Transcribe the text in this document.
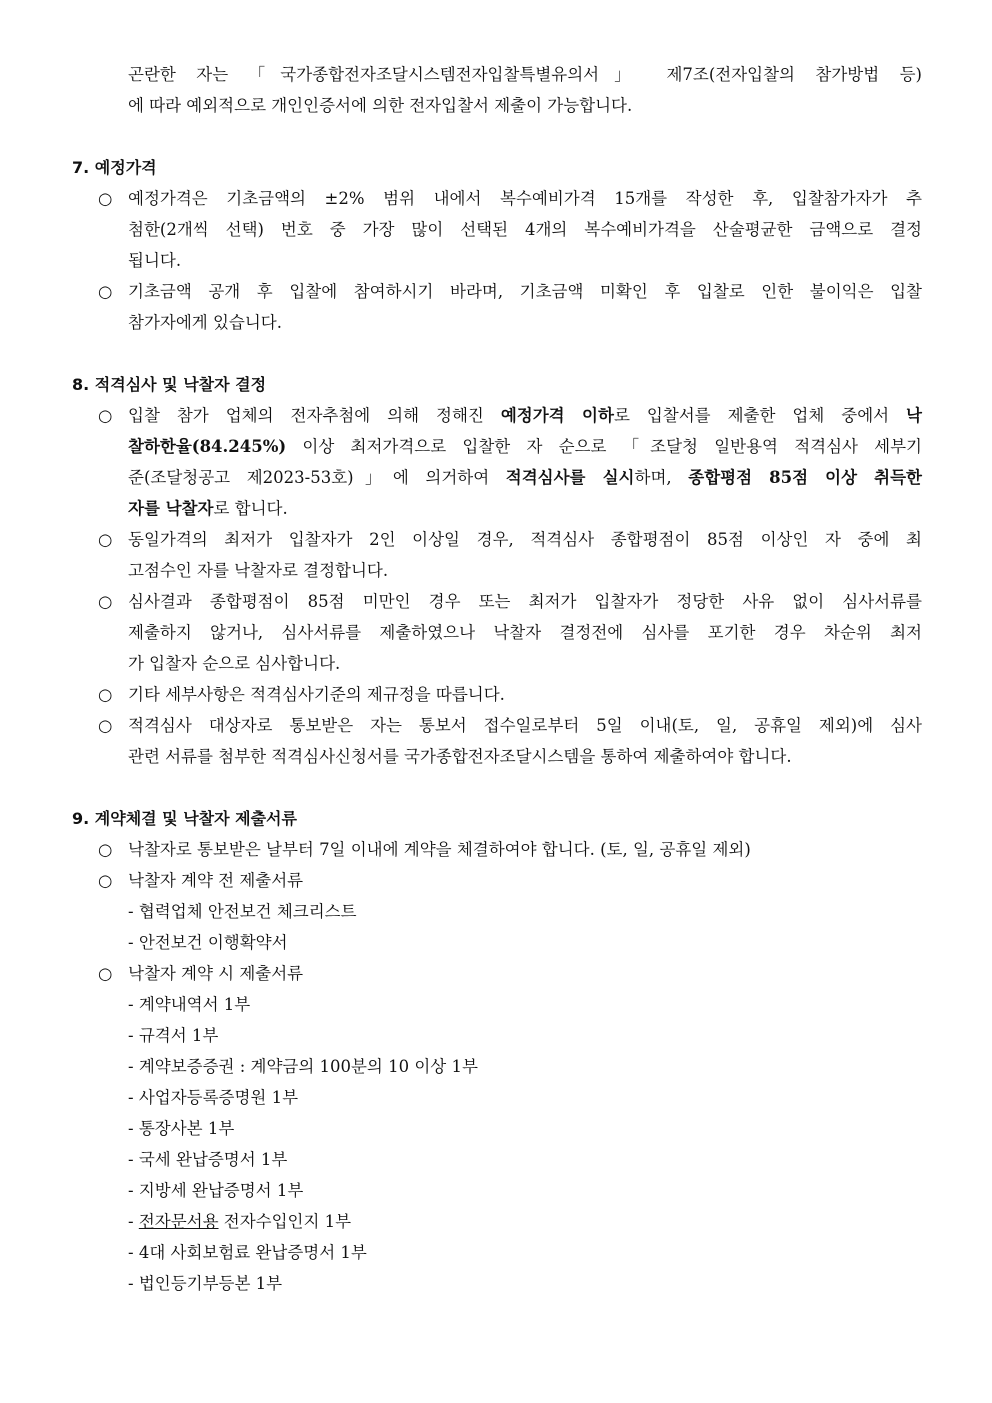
곤란한 자는 「국가종합전자조달시스템전자입찰특별유의서」 제7조(전자입찰의 참가방법 등)
에 따라 예외적으로 개인인증서에 의한 전자입찰서 제출이 가능합니다.
7. 예정가격
○ 예정가격은 기초금액의 ±2% 범위 내에서 복수예비가격 15개를 작성한 후, 입찰참가자가 추
첨한(2개씩 선택) 번호 중 가장 많이 선택된 4개의 복수예비가격을 산술평균한 금액으로 결정
됩니다.
○ 기초금액 공개 후 입찰에 참여하시기 바라며, 기초금액 미확인 후 입찰로 인한 불이익은 입찰
참가자에게 있습니다.
8. 적격심사 및 낙찰자 결정
○ 입찰 참가 업체의 전자추첨에 의해 정해진 예정가격 이하로 입찰서를 제출한 업체 중에서 낙
찰하한율(84.245%) 이상 최저가격으로 입찰한 자 순으로 「조달청 일반용역 적격심사 세부기
준(조달청공고 제2023-53호)」에 의거하여 적격심사를 실시하며, 종합평점 85점 이상 취득한
자를 낙찰자로 합니다.
○ 동일가격의 최저가 입찰자가 2인 이상일 경우, 적격심사 종합평점이 85점 이상인 자 중에 최
고점수인 자를 낙찰자로 결정합니다.
○ 심사결과 종합평점이 85점 미만인 경우 또는 최저가 입찰자가 정당한 사유 없이 심사서류를
제출하지 않거나, 심사서류를 제출하였으나 낙찰자 결정전에 심사를 포기한 경우 차순위 최저
가 입찰자 순으로 심사합니다.
○ 기타 세부사항은 적격심사기준의 제규정을 따릅니다.
○ 적격심사 대상자로 통보받은 자는 통보서 접수일로부터 5일 이내(토, 일, 공휴일 제외)에 심사
관련 서류를 첨부한 적격심사신청서를 국가종합전자조달시스템을 통하여 제출하여야 합니다.
9. 계약체결 및 낙찰자 제출서류
○ 낙찰자로 통보받은 날부터 7일 이내에 계약을 체결하여야 합니다. (토, 일, 공휴일 제외)
○ 낙찰자 계약 전 제출서류
- 협력업체 안전보건 체크리스트
- 안전보건 이행확약서
○ 낙찰자 계약 시 제출서류
- 계약내역서 1부
- 규격서 1부
- 계약보증증권 : 계약금의 100분의 10 이상 1부
- 사업자등록증명원 1부
- 통장사본 1부
- 국세 완납증명서 1부
- 지방세 완납증명서 1부
- 전자문서용 전자수입인지 1부
- 4대 사회보험료 완납증명서 1부
- 법인등기부등본 1부
